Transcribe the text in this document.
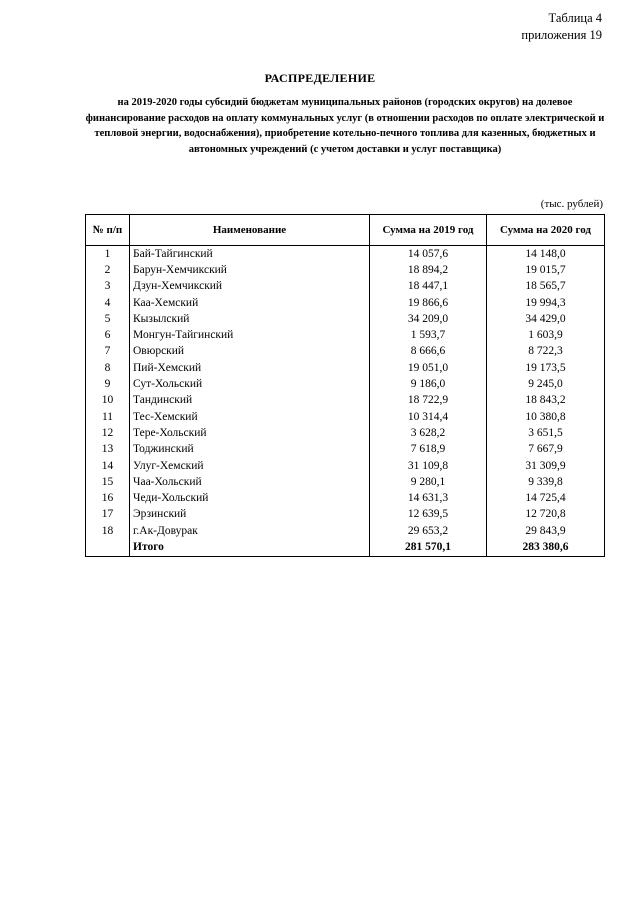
Таблица 4
приложения 19
РАСПРЕДЕЛЕНИЕ
на 2019-2020 годы субсидий бюджетам муниципальных районов (городских округов) на долевое финансирование расходов на оплату коммунальных услуг (в отношении расходов по оплате электрической и тепловой энергии, водоснабжения), приобретение котельно-печного топлива для казенных, бюджетных и автономных учреждений (с учетом доставки и услуг поставщика)
(тыс. рублей)
№ п/п	Наименование	Сумма на 2019 год	Сумма на 2020 год
1	Бай-Тайгинский	14 057,6	14 148,0
2	Барун-Хемчикский	18 894,2	19 015,7
3	Дзун-Хемчикский	18 447,1	18 565,7
4	Каа-Хемский	19 866,6	19 994,3
5	Кызылский	34 209,0	34 429,0
6	Монгун-Тайгинский	1 593,7	1 603,9
7	Овюрский	8 666,6	8 722,3
8	Пий-Хемский	19 051,0	19 173,5
9	Сут-Хольский	9 186,0	9 245,0
10	Тандинский	18 722,9	18 843,2
11	Тес-Хемский	10 314,4	10 380,8
12	Тере-Хольский	3 628,2	3 651,5
13	Тоджинский	7 618,9	7 667,9
14	Улуг-Хемский	31 109,8	31 309,9
15	Чаа-Хольский	9 280,1	9 339,8
16	Чеди-Хольский	14 631,3	14 725,4
17	Эрзинский	12 639,5	12 720,8
18	г.Ак-Довурак	29 653,2	29 843,9
	Итого	281 570,1	283 380,6
